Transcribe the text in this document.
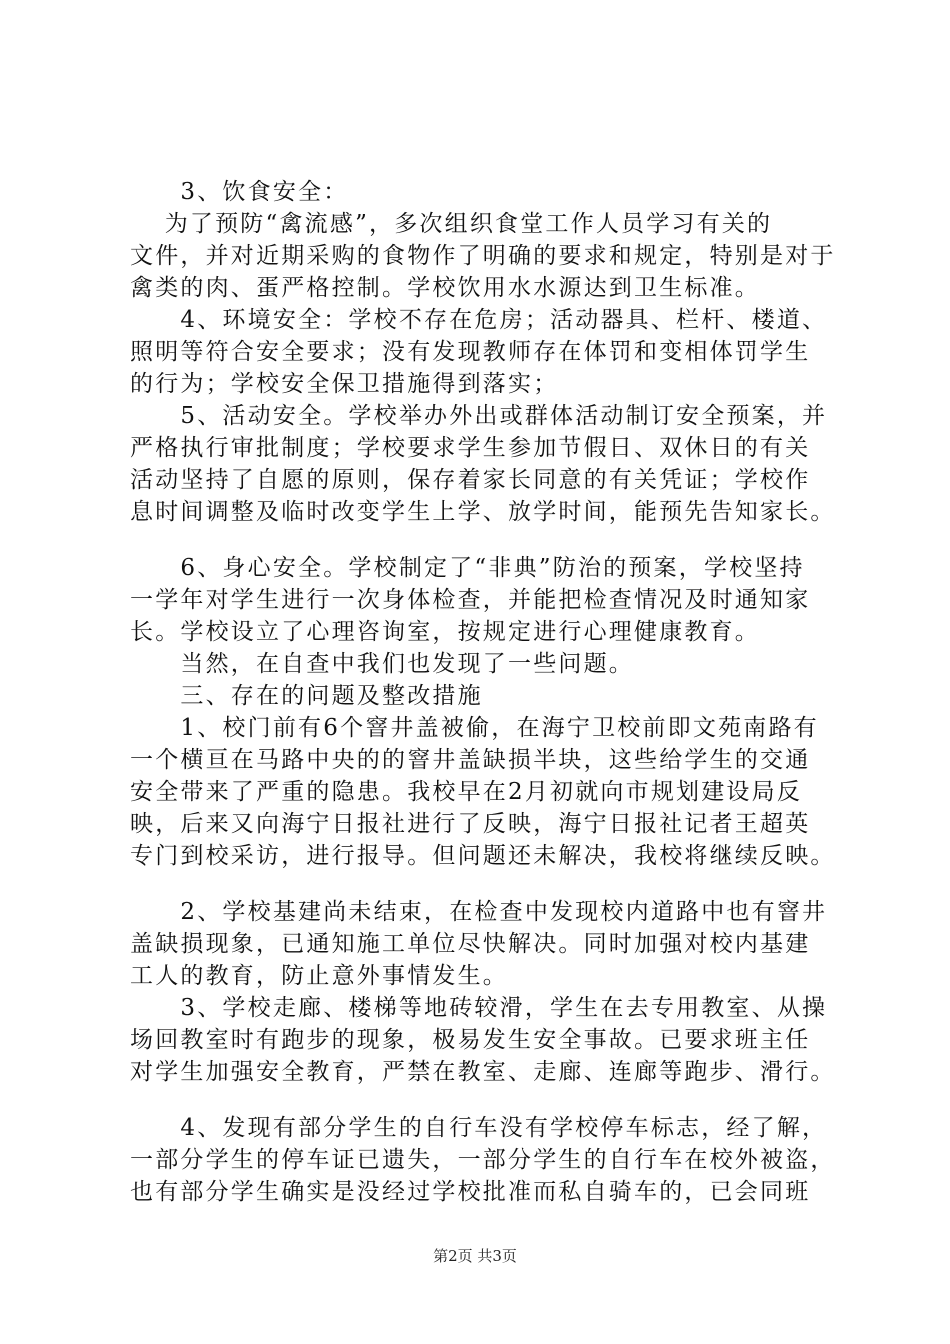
　　3、饮食安全：
　 为了预防“禽流感”，多次组织食堂工作人员学习有关的
文件，并对近期采购的食物作了明确的要求和规定，特别是对于
禽类的肉、蛋严格控制。学校饮用水水源达到卫生标准。
　　4、环境安全：学校不存在危房；活动器具、栏杆、楼道、
照明等符合安全要求；没有发现教师存在体罚和变相体罚学生
的行为；学校安全保卫措施得到落实；
　　5、活动安全。学校举办外出或群体活动制订安全预案，并
严格执行审批制度；学校要求学生参加节假日、双休日的有关
活动坚持了自愿的原则，保存着家长同意的有关凭证；学校作
息时间调整及临时改变学生上学、放学时间，能预先告知家长。
　　6、身心安全。学校制定了“非典”防治的预案，学校坚持
一学年对学生进行一次身体检查，并能把检查情况及时通知家
长。学校设立了心理咨询室，按规定进行心理健康教育。
　　当然，在自查中我们也发现了一些问题。
　　三、存在的问题及整改措施
　　1、校门前有6个窨井盖被偷，在海宁卫校前即文苑南路有
一个横亘在马路中央的的窨井盖缺损半块，这些给学生的交通
安全带来了严重的隐患。我校早在2月初就向市规划建设局反
映，后来又向海宁日报社进行了反映，海宁日报社记者王超英
专门到校采访，进行报导。但问题还未解决，我校将继续反映。
　　2、学校基建尚未结束，在检查中发现校内道路中也有窨井
盖缺损现象，已通知施工单位尽快解决。同时加强对校内基建
工人的教育，防止意外事情发生。
　　3、学校走廊、楼梯等地砖较滑，学生在去专用教室、从操
场回教室时有跑步的现象，极易发生安全事故。已要求班主任
对学生加强安全教育，严禁在教室、走廊、连廊等跑步、滑行。
　　4、发现有部分学生的自行车没有学校停车标志，经了解，
一部分学生的停车证已遗失，一部分学生的自行车在校外被盗，
也有部分学生确实是没经过学校批准而私自骑车的，已会同班
第2页 共3页
